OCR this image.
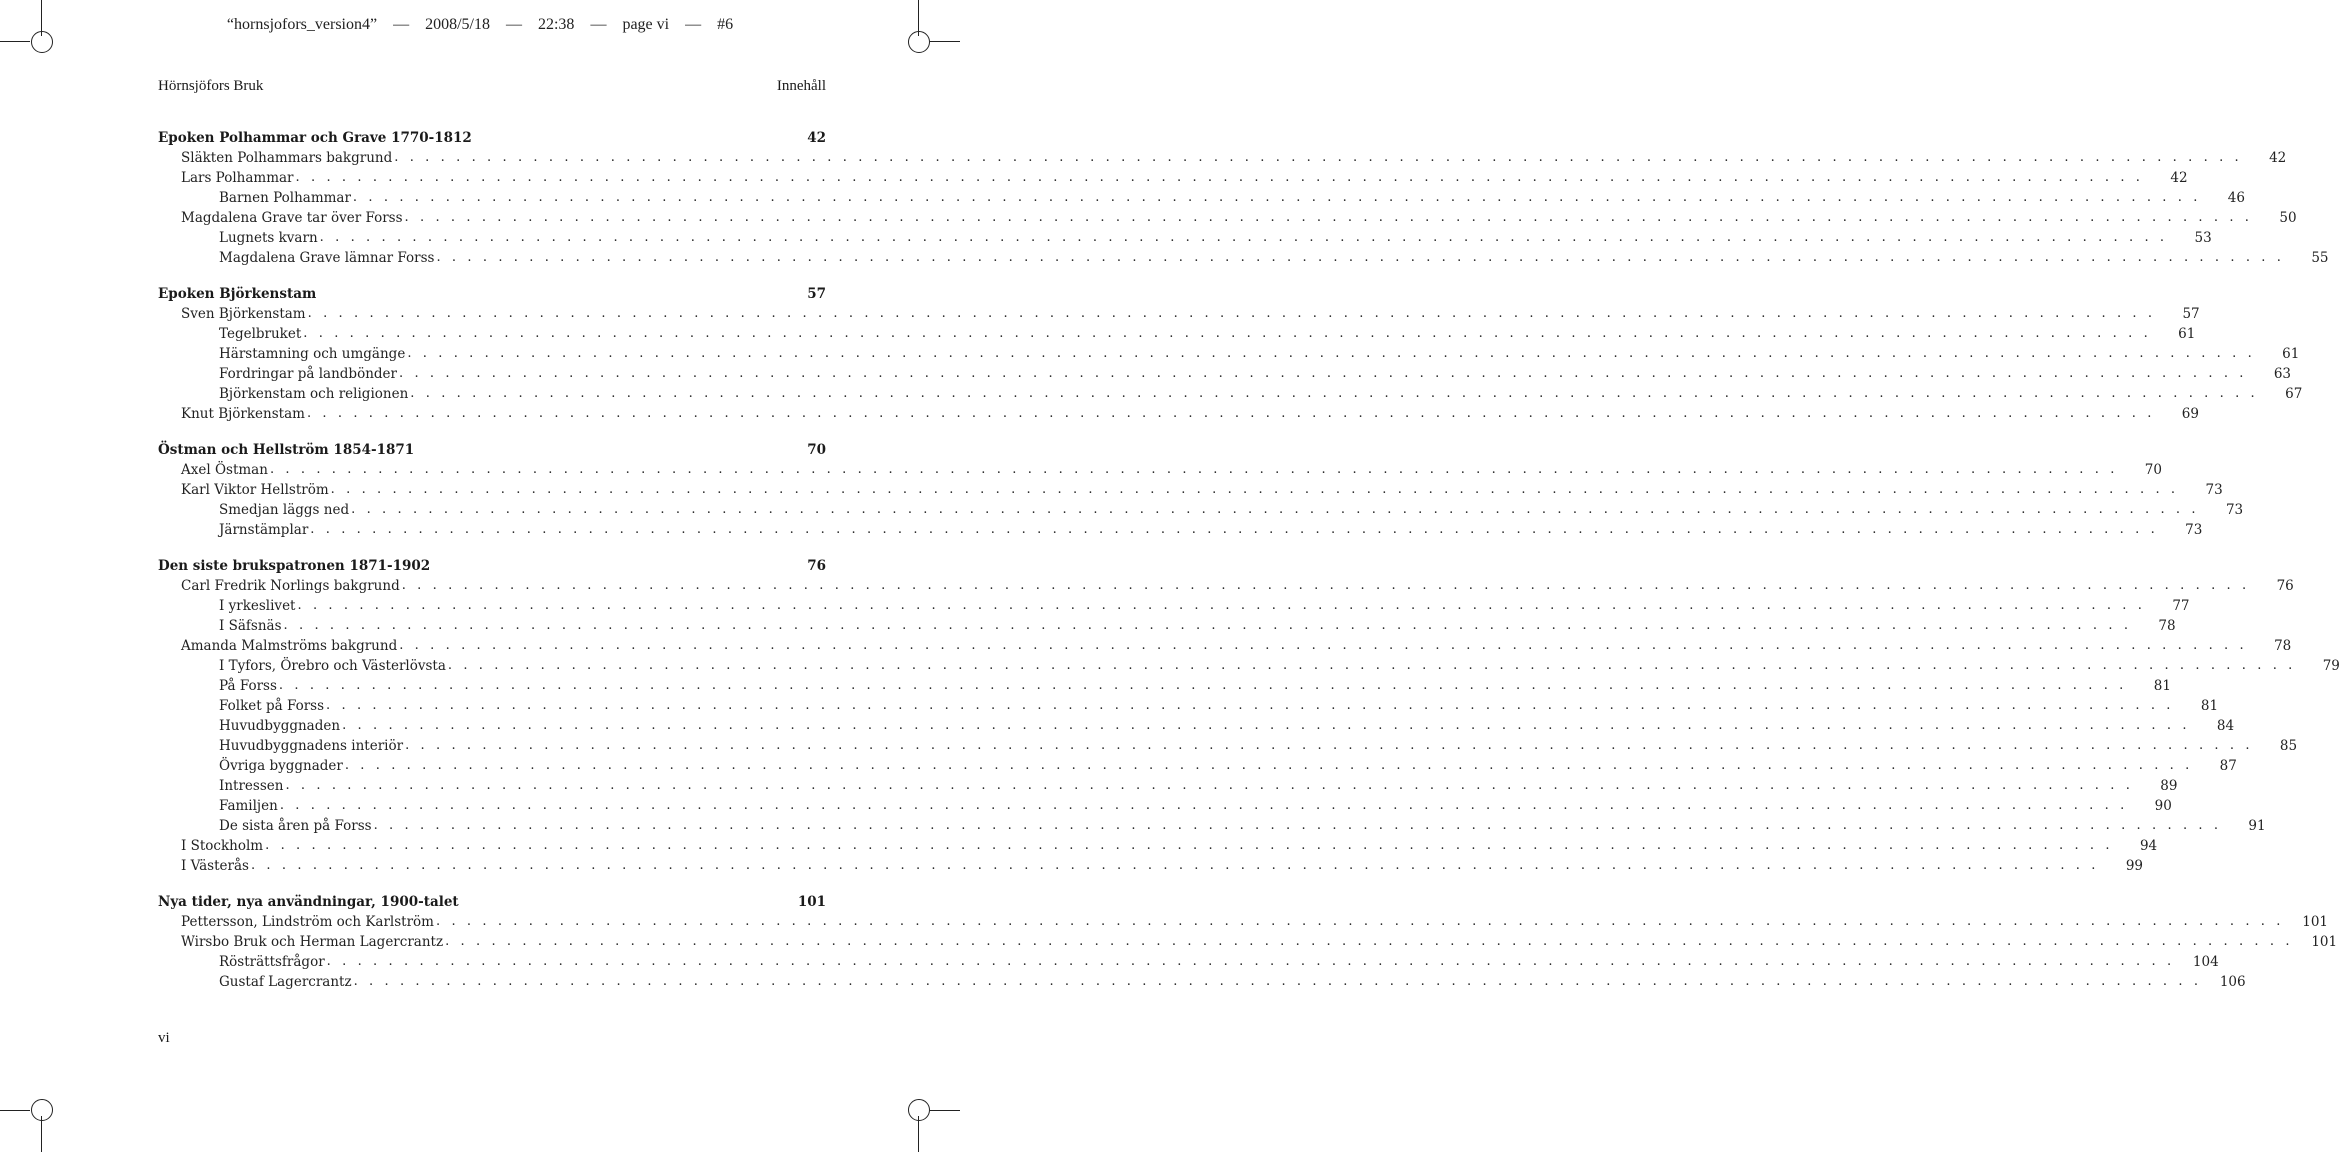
“hornsjofors_version4” — 2008/5/18 — 22:38 — page vi — #6
Hörnsjöfors Bruk	Innehåll
Epoken Polhammar och Grave 1770-1812	42
Släkten Polhammars bakgrund . . . . . . . . . . . . . . . . . . . . . . . . . . . . . . . . . . . . . . . . . . . . . . . . . . . . . . . . . . . . . . . . . . . . . . . . . . . . . . . . . . . . . . . . . . . . . . . . . . . . . . . . . . . . . . . . . . . . . . . .	42
Lars Polhammar . . . . . . . . . . . . . . . . . . . . . . . . . . . . . . . . . . . . . . . . . . . . . . . . . . . . . . . . . . . . . . . . . . . . . . . . . . . . . . . . . . . . . . . . . . . . . . . . . . . . . . . . . . . . . . . . . . . . . . . .	42
Barnen Polhammar . . . . . . . . . . . . . . . . . . . . . . . . . . . . . . . . . . . . . . . . . . . . . . . . . . . . . . . . . . . . . . . . . . . . . . . . . . . . . . . . . . . . . . . . . . . . . . . . . . . . . . . . . . . . . . . . . . . . . . . .	46
Magdalena Grave tar över Forss . . . . . . . . . . . . . . . . . . . . . . . . . . . . . . . . . . . . . . . . . . . . . . . . . . . . . . . . . . . . . . . . . . . . . . . . . . . . . . . . . . . . . . . . . . . . . . . . . . . . . . . . . . . . . . . . . . . . . . . .	50
Lugnets kvarn . . . . . . . . . . . . . . . . . . . . . . . . . . . . . . . . . . . . . . . . . . . . . . . . . . . . . . . . . . . . . . . . . . . . . . . . . . . . . . . . . . . . . . . . . . . . . . . . . . . . . . . . . . . . . . . . . . . . . . . .	53
Magdalena Grave lämnar Forss . . . . . . . . . . . . . . . . . . . . . . . . . . . . . . . . . . . . . . . . . . . . . . . . . . . . . . . . . . . . . . . . . . . . . . . . . . . . . . . . . . . . . . . . . . . . . . . . . . . . . . . . . . . . . . . . . . . . . . . .	55
Epoken Björkenstam	57
Sven Björkenstam . . . . . . . . . . . . . . . . . . . . . . . . . . . . . . . . . . . . . . . . . . . . . . . . . . . . . . . . . . . . . . . . . . . . . . . . . . . . . . . . . . . . . . . . . . . . . . . . . . . . . . . . . . . . . . . . . . . . . . . .	57
Tegelbruket . . . . . . . . . . . . . . . . . . . . . . . . . . . . . . . . . . . . . . . . . . . . . . . . . . . . . . . . . . . . . . . . . . . . . . . . . . . . . . . . . . . . . . . . . . . . . . . . . . . . . . . . . . . . . . . . . . . . . . . .	61
Härstamning och umgänge . . . . . . . . . . . . . . . . . . . . . . . . . . . . . . . . . . . . . . . . . . . . . . . . . . . . . . . . . . . . . . . . . . . . . . . . . . . . . . . . . . . . . . . . . . . . . . . . . . . . . . . . . . . . . . . . . . . . . . . .	61
Fordringar på landbönder . . . . . . . . . . . . . . . . . . . . . . . . . . . . . . . . . . . . . . . . . . . . . . . . . . . . . . . . . . . . . . . . . . . . . . . . . . . . . . . . . . . . . . . . . . . . . . . . . . . . . . . . . . . . . . . . . . . . . . . .	63
Björkenstam och religionen . . . . . . . . . . . . . . . . . . . . . . . . . . . . . . . . . . . . . . . . . . . . . . . . . . . . . . . . . . . . . . . . . . . . . . . . . . . . . . . . . . . . . . . . . . . . . . . . . . . . . . . . . . . . . . . . . . . . . . . .	67
Knut Björkenstam . . . . . . . . . . . . . . . . . . . . . . . . . . . . . . . . . . . . . . . . . . . . . . . . . . . . . . . . . . . . . . . . . . . . . . . . . . . . . . . . . . . . . . . . . . . . . . . . . . . . . . . . . . . . . . . . . . . . . . . .	69
Östman och Hellström 1854-1871	70
Axel Östman . . . . . . . . . . . . . . . . . . . . . . . . . . . . . . . . . . . . . . . . . . . . . . . . . . . . . . . . . . . . . . . . . . . . . . . . . . . . . . . . . . . . . . . . . . . . . . . . . . . . . . . . . . . . . . . . . . . . . . . .	70
Karl Viktor Hellström . . . . . . . . . . . . . . . . . . . . . . . . . . . . . . . . . . . . . . . . . . . . . . . . . . . . . . . . . . . . . . . . . . . . . . . . . . . . . . . . . . . . . . . . . . . . . . . . . . . . . . . . . . . . . . . . . . . . . . . .	73
Smedjan läggs ned . . . . . . . . . . . . . . . . . . . . . . . . . . . . . . . . . . . . . . . . . . . . . . . . . . . . . . . . . . . . . . . . . . . . . . . . . . . . . . . . . . . . . . . . . . . . . . . . . . . . . . . . . . . . . . . . . . . . . . . .	73
Järnstämplar . . . . . . . . . . . . . . . . . . . . . . . . . . . . . . . . . . . . . . . . . . . . . . . . . . . . . . . . . . . . . . . . . . . . . . . . . . . . . . . . . . . . . . . . . . . . . . . . . . . . . . . . . . . . . . . . . . . . . . . .	73
Den siste brukspatronen 1871-1902	76
Carl Fredrik Norlings bakgrund . . . . . . . . . . . . . . . . . . . . . . . . . . . . . . . . . . . . . . . . . . . . . . . . . . . . . . . . . . . . . . . . . . . . . . . . . . . . . . . . . . . . . . . . . . . . . . . . . . . . . . . . . . . . . . . . . . . . . . . .	76
I yrkeslivet . . . . . . . . . . . . . . . . . . . . . . . . . . . . . . . . . . . . . . . . . . . . . . . . . . . . . . . . . . . . . . . . . . . . . . . . . . . . . . . . . . . . . . . . . . . . . . . . . . . . . . . . . . . . . . . . . . . . . . . .	77
I Säfsnäs . . . . . . . . . . . . . . . . . . . . . . . . . . . . . . . . . . . . . . . . . . . . . . . . . . . . . . . . . . . . . . . . . . . . . . . . . . . . . . . . . . . . . . . . . . . . . . . . . . . . . . . . . . . . . . . . . . . . . . . .	78
Amanda Malmströms bakgrund . . . . . . . . . . . . . . . . . . . . . . . . . . . . . . . . . . . . . . . . . . . . . . . . . . . . . . . . . . . . . . . . . . . . . . . . . . . . . . . . . . . . . . . . . . . . . . . . . . . . . . . . . . . . . . . . . . . . . . . .	78
I Tyfors, Örebro och Västerlövsta . . . . . . . . . . . . . . . . . . . . . . . . . . . . . . . . . . . . . . . . . . . . . . . . . . . . . . . . . . . . . . . . . . . . . . . . . . . . . . . . . . . . . . . . . . . . . . . . . . . . . . . . . . . . . . . . . . . . . . . .	79
På Forss . . . . . . . . . . . . . . . . . . . . . . . . . . . . . . . . . . . . . . . . . . . . . . . . . . . . . . . . . . . . . . . . . . . . . . . . . . . . . . . . . . . . . . . . . . . . . . . . . . . . . . . . . . . . . . . . . . . . . . . .	81
Folket på Forss . . . . . . . . . . . . . . . . . . . . . . . . . . . . . . . . . . . . . . . . . . . . . . . . . . . . . . . . . . . . . . . . . . . . . . . . . . . . . . . . . . . . . . . . . . . . . . . . . . . . . . . . . . . . . . . . . . . . . . . .	81
Huvudbyggnaden . . . . . . . . . . . . . . . . . . . . . . . . . . . . . . . . . . . . . . . . . . . . . . . . . . . . . . . . . . . . . . . . . . . . . . . . . . . . . . . . . . . . . . . . . . . . . . . . . . . . . . . . . . . . . . . . . . . . . . . .	84
Huvudbyggnadens interiör . . . . . . . . . . . . . . . . . . . . . . . . . . . . . . . . . . . . . . . . . . . . . . . . . . . . . . . . . . . . . . . . . . . . . . . . . . . . . . . . . . . . . . . . . . . . . . . . . . . . . . . . . . . . . . . . . . . . . . . .	85
Övriga byggnader . . . . . . . . . . . . . . . . . . . . . . . . . . . . . . . . . . . . . . . . . . . . . . . . . . . . . . . . . . . . . . . . . . . . . . . . . . . . . . . . . . . . . . . . . . . . . . . . . . . . . . . . . . . . . . . . . . . . . . . .	87
Intressen . . . . . . . . . . . . . . . . . . . . . . . . . . . . . . . . . . . . . . . . . . . . . . . . . . . . . . . . . . . . . . . . . . . . . . . . . . . . . . . . . . . . . . . . . . . . . . . . . . . . . . . . . . . . . . . . . . . . . . . .	89
Familjen . . . . . . . . . . . . . . . . . . . . . . . . . . . . . . . . . . . . . . . . . . . . . . . . . . . . . . . . . . . . . . . . . . . . . . . . . . . . . . . . . . . . . . . . . . . . . . . . . . . . . . . . . . . . . . . . . . . . . . . .	90
De sista åren på Forss . . . . . . . . . . . . . . . . . . . . . . . . . . . . . . . . . . . . . . . . . . . . . . . . . . . . . . . . . . . . . . . . . . . . . . . . . . . . . . . . . . . . . . . . . . . . . . . . . . . . . . . . . . . . . . . . . . . . . . . .	91
I Stockholm . . . . . . . . . . . . . . . . . . . . . . . . . . . . . . . . . . . . . . . . . . . . . . . . . . . . . . . . . . . . . . . . . . . . . . . . . . . . . . . . . . . . . . . . . . . . . . . . . . . . . . . . . . . . . . . . . . . . . . . .	94
I Västerås . . . . . . . . . . . . . . . . . . . . . . . . . . . . . . . . . . . . . . . . . . . . . . . . . . . . . . . . . . . . . . . . . . . . . . . . . . . . . . . . . . . . . . . . . . . . . . . . . . . . . . . . . . . . . . . . . . . . . . . .	99
Nya tider, nya användningar, 1900-talet	101
Pettersson, Lindström och Karlström . . . . . . . . . . . . . . . . . . . . . . . . . . . . . . . . . . . . . . . . . . . . . . . . . . . . . . . . . . . . . . . . . . . . . . . . . . . . . . . . . . . . . . . . . . . . . . . . . . . . . . . . . . . . . . . . . . . . . . . . 101
Wirsbo Bruk och Herman Lagercrantz . . . . . . . . . . . . . . . . . . . . . . . . . . . . . . . . . . . . . . . . . . . . . . . . . . . . . . . . . . . . . . . . . . . . . . . . . . . . . . . . . . . . . . . . . . . . . . . . . . . . . . . . . . . . . . . . . . . . . . . . 101
Rösträttsfrågor . . . . . . . . . . . . . . . . . . . . . . . . . . . . . . . . . . . . . . . . . . . . . . . . . . . . . . . . . . . . . . . . . . . . . . . . . . . . . . . . . . . . . . . . . . . . . . . . . . . . . . . . . . . . . . . . . . . . . . . . 104
Gustaf Lagercrantz . . . . . . . . . . . . . . . . . . . . . . . . . . . . . . . . . . . . . . . . . . . . . . . . . . . . . . . . . . . . . . . . . . . . . . . . . . . . . . . . . . . . . . . . . . . . . . . . . . . . . . . . . . . . . . . . . . . . . . . . 106
vi
